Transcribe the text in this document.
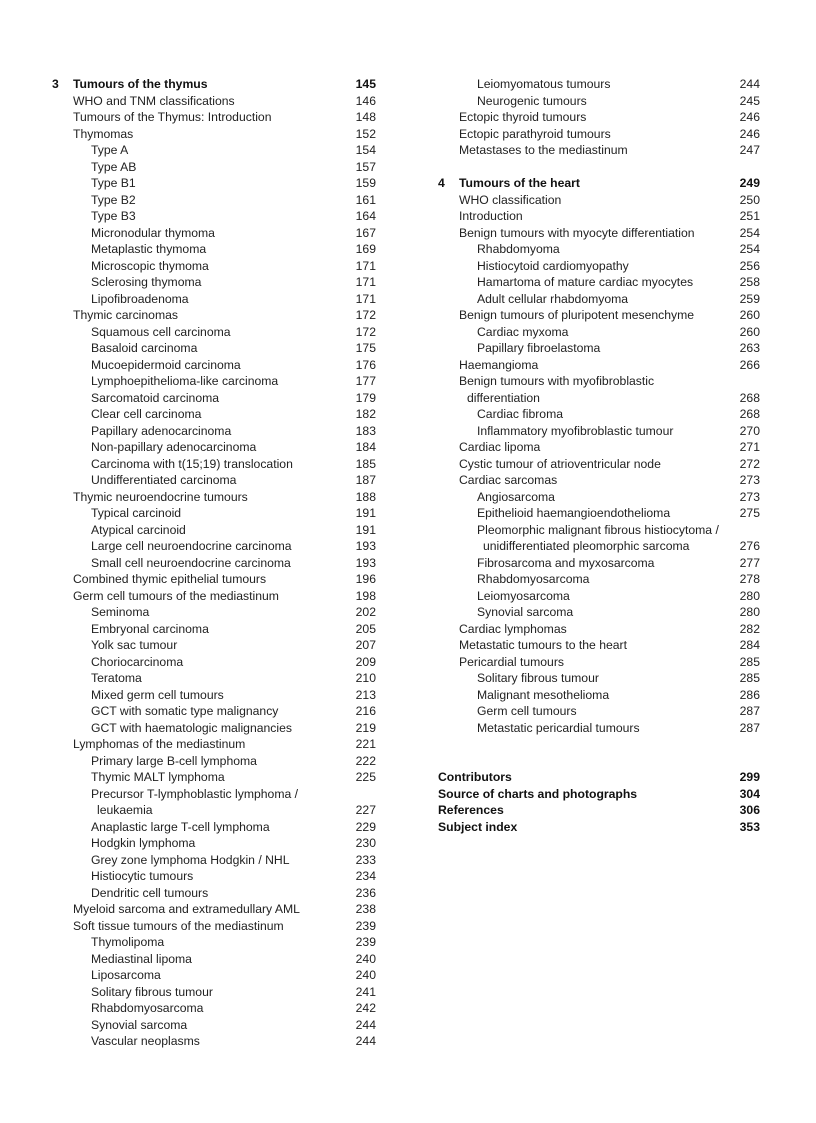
3 Tumours of the thymus	145
WHO and TNM classifications	146
Tumours of the Thymus: Introduction	148
Thymomas	152
Type A	154
Type AB	157
Type B1	159
Type B2	161
Type B3	164
Micronodular thymoma	167
Metaplastic thymoma	169
Microscopic thymoma	171
Sclerosing thymoma	171
Lipofibroadenoma	171
Thymic carcinomas	172
Squamous cell carcinoma	172
Basaloid carcinoma	175
Mucoepidermoid carcinoma	176
Lymphoepithelioma-like carcinoma	177
Sarcomatoid carcinoma	179
Clear cell carcinoma	182
Papillary adenocarcinoma	183
Non-papillary adenocarcinoma	184
Carcinoma with t(15;19) translocation	185
Undifferentiated carcinoma	187
Thymic neuroendocrine tumours	188
Typical carcinoid	191
Atypical carcinoid	191
Large cell neuroendocrine carcinoma	193
Small cell neuroendocrine carcinoma	193
Combined thymic epithelial tumours	196
Germ cell tumours of the mediastinum	198
Seminoma	202
Embryonal carcinoma	205
Yolk sac tumour	207
Choriocarcinoma	209
Teratoma	210
Mixed germ cell tumours	213
GCT with somatic type malignancy	216
GCT with haematologic malignancies	219
Lymphomas of the mediastinum	221
Primary large B-cell lymphoma	222
Thymic MALT lymphoma	225
Precursor T-lymphoblastic lymphoma /
leukaemia	227
Anaplastic large T-cell lymphoma	229
Hodgkin lymphoma	230
Grey zone lymphoma Hodgkin / NHL	233
Histiocytic tumours	234
Dendritic cell tumours	236
Myeloid sarcoma and extramedullary AML	238
Soft tissue tumours of the mediastinum	239
Thymolipoma	239
Mediastinal lipoma	240
Liposarcoma	240
Solitary fibrous tumour	241
Rhabdomyosarcoma	242
Synovial sarcoma	244
Vascular neoplasms	244
Leiomyomatous tumours	244
Neurogenic tumours	245
Ectopic thyroid tumours	246
Ectopic parathyroid tumours	246
Metastases to the mediastinum	247
4 Tumours of the heart	249
WHO classification	250
Introduction	251
Benign tumours with myocyte differentiation	254
Rhabdomyoma	254
Histiocytoid cardiomyopathy	256
Hamartoma of mature cardiac myocytes	258
Adult cellular rhabdomyoma	259
Benign tumours of pluripotent mesenchyme	260
Cardiac myxoma	260
Papillary fibroelastoma	263
Haemangioma	266
Benign tumours with myofibroblastic
differentiation	268
Cardiac fibroma	268
Inflammatory myofibroblastic tumour	270
Cardiac lipoma	271
Cystic tumour of atrioventricular node	272
Cardiac sarcomas	273
Angiosarcoma	273
Epithelioid haemangioendothelioma	275
Pleomorphic malignant fibrous histiocytoma /
unidifferentiated pleomorphic sarcoma	276
Fibrosarcoma and myxosarcoma	277
Rhabdomyosarcoma	278
Leiomyosarcoma	280
Synovial sarcoma	280
Cardiac lymphomas	282
Metastatic tumours to the heart	284
Pericardial tumours	285
Solitary fibrous tumour	285
Malignant mesothelioma	286
Germ cell tumours	287
Metastatic pericardial tumours	287
Contributors	299
Source of charts and photographs	304
References	306
Subject index	353
